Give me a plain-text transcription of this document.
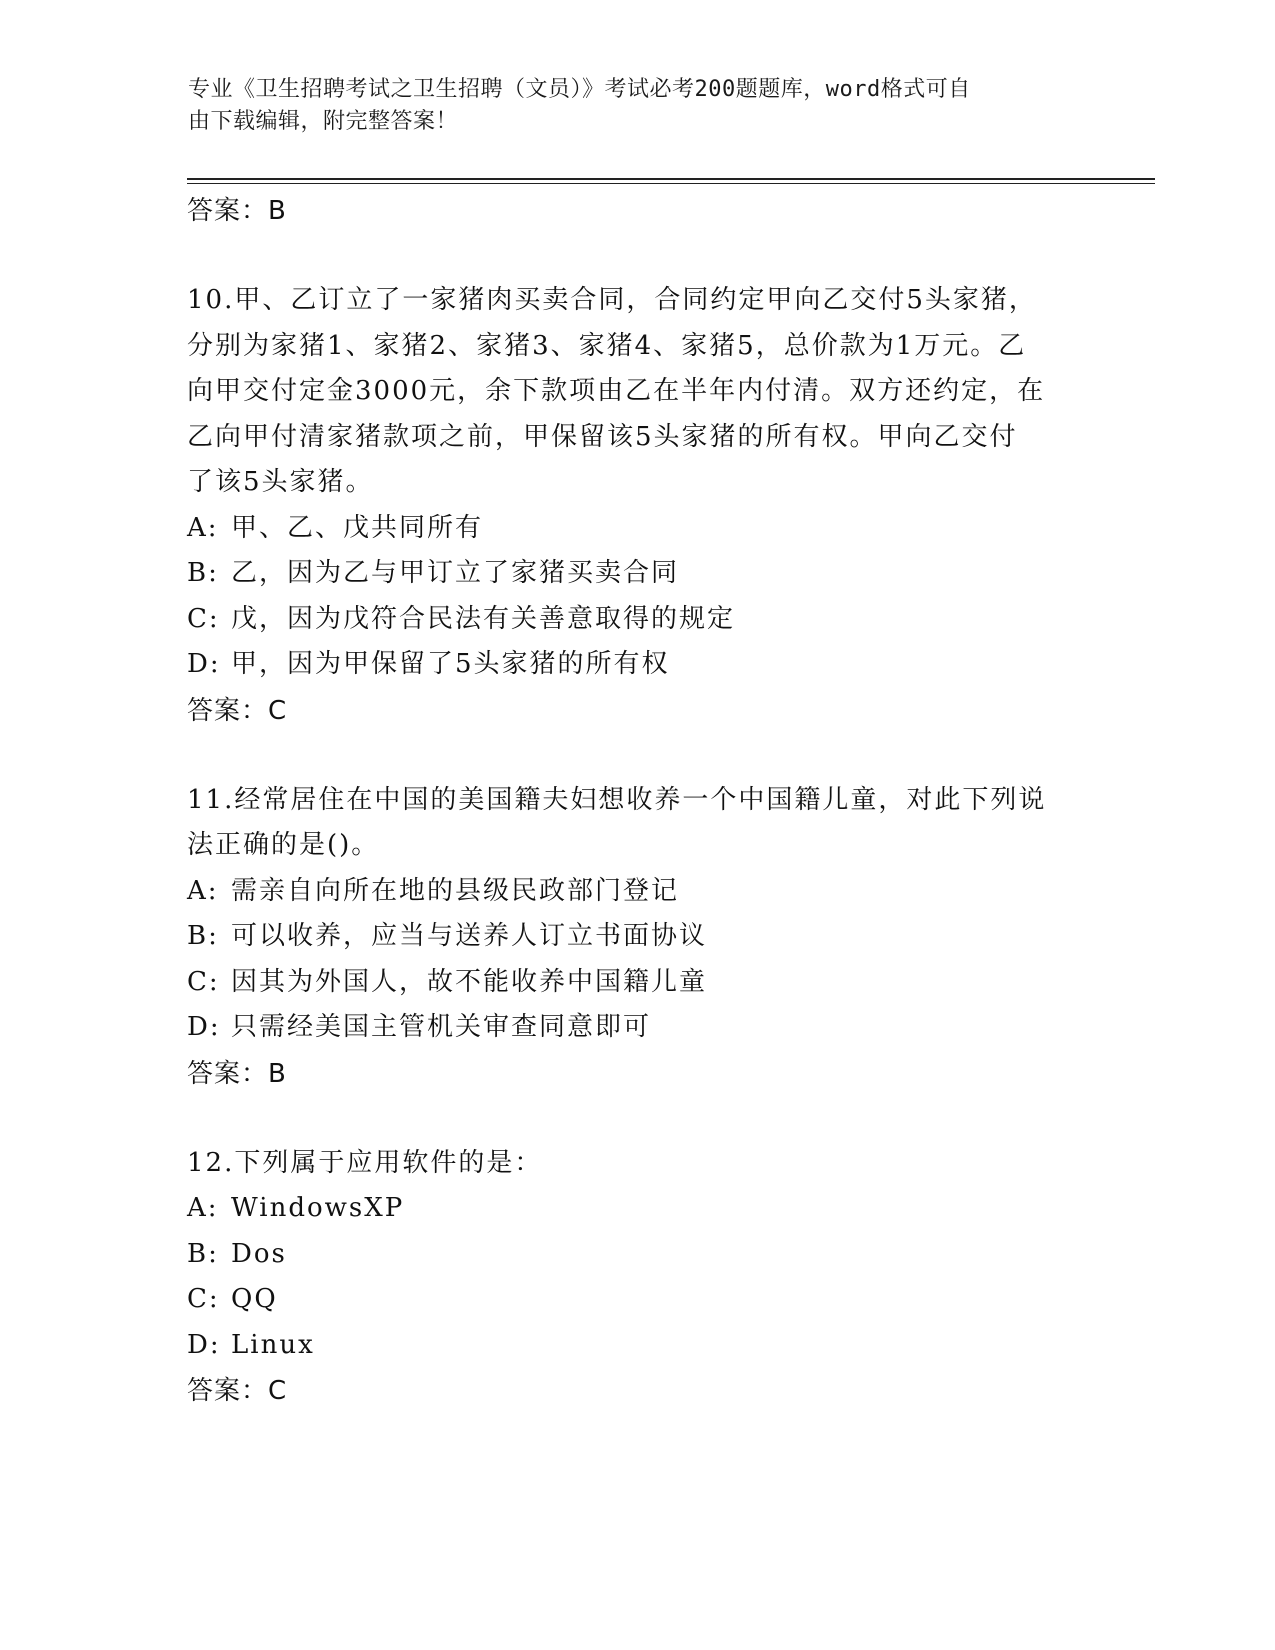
专业《卫生招聘考试之卫生招聘（文员）》考试必考200题题库，word格式可自
由下载编辑，附完整答案！
答案：B
10.甲、乙订立了一家猪肉买卖合同，合同约定甲向乙交付5头家猪，
分别为家猪1、家猪2、家猪3、家猪4、家猪5，总价款为1万元。乙
向甲交付定金3000元，余下款项由乙在半年内付清。双方还约定，在
乙向甲付清家猪款项之前，甲保留该5头家猪的所有权。甲向乙交付
了该5头家猪。
A: 甲、乙、戊共同所有
B: 乙，因为乙与甲订立了家猪买卖合同
C: 戊，因为戊符合民法有关善意取得的规定
D: 甲，因为甲保留了5头家猪的所有权
答案：C
11.经常居住在中国的美国籍夫妇想收养一个中国籍儿童，对此下列说
法正确的是()。
A: 需亲自向所在地的县级民政部门登记
B: 可以收养，应当与送养人订立书面协议
C: 因其为外国人，故不能收养中国籍儿童
D: 只需经美国主管机关审查同意即可
答案：B
12.下列属于应用软件的是：
A: WindowsXP
B: Dos
C: QQ
D: Linux
答案：C
